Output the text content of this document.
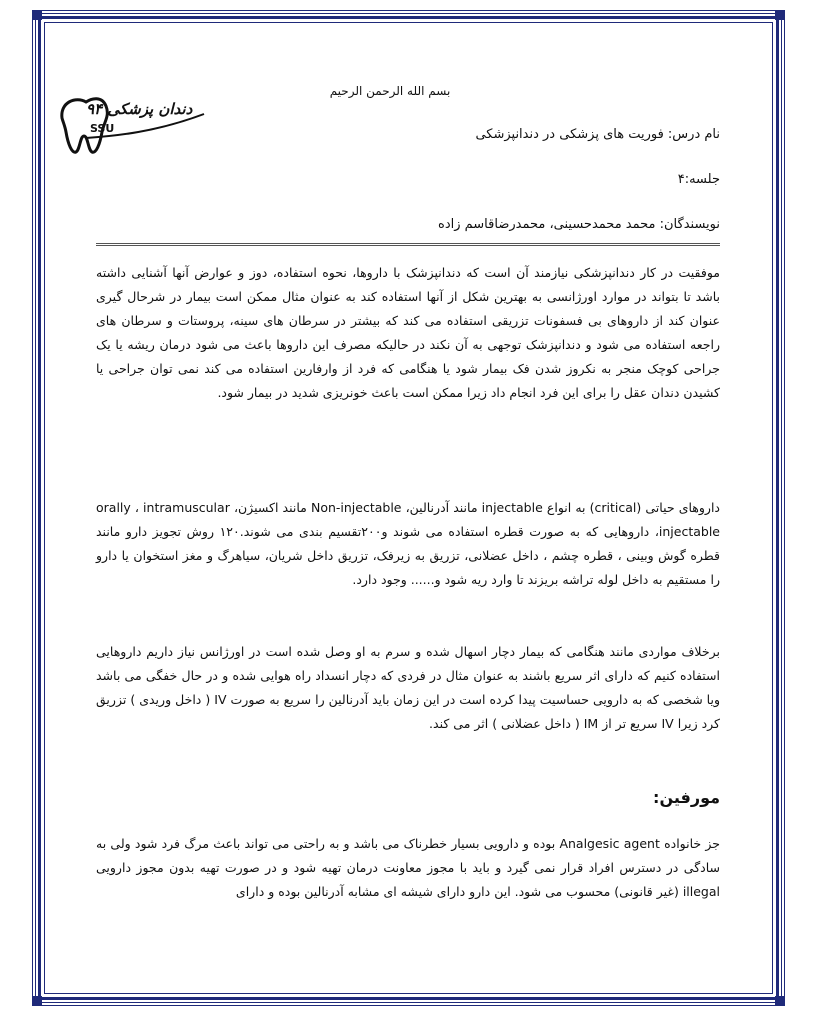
دندان پزشکی ۹۴
SSU
بسم الله الرحمن الرحیم
نام درس: فوریت های پزشکی در دندانپزشکی
جلسه:۴
نویسندگان: محمد محمدحسینی، محمدرضاقاسم زاده
موفقیت در کار دندانپزشکی نیازمند آن است که دندانپزشک با داروها، نحوه استفاده، دوز و عوارض آنها آشنایی داشته باشد تا بتواند در موارد اورژانسی به بهترین شکل از آنها استفاده کند به عنوان مثال ممکن است بیمار در شرحال گیری عنوان کند از داروهای بی فسفونات تزریقی استفاده می کند که بیشتر در سرطان های سینه، پروستات و سرطان های راجعه استفاده می شود و دندانپزشک توجهی به آن نکند در حالیکه مصرف این داروها باعث می شود درمان ریشه یا یک جراحی کوچک منجر به نکروز شدن فک بیمار شود یا هنگامی که فرد از وارفارین استفاده می کند نمی توان جراحی یا کشیدن دندان عقل را برای این فرد انجام داد زیرا ممکن است باعث خونریزی شدید در بیمار شود.
داروهای حیاتی (critical) به انواع injectable مانند آدرنالین، Non-injectable مانند اکسیژن، orally ، intramuscular injectable، داروهایی که به صورت قطره استفاده می شوند و۲۰۰تقسیم بندی می شوند.۱۲۰ روش تجویز دارو مانند قطره گوش وبینی ، قطره چشم ، داخل عضلانی، تزریق به زیرفک، تزریق داخل شریان، سیاهرگ و مغز استخوان یا دارو را مستقیم به داخل لوله تراشه بریزند تا وارد ریه شود و...... وجود دارد.
برخلاف مواردی مانند هنگامی که بیمار دچار اسهال شده و سرم به او وصل شده است در اورژانس نیاز داریم داروهایی استفاده کنیم که دارای اثر سریع باشند به عنوان مثال در فردی که دچار انسداد راه هوایی شده و در حال خفگی می باشد ویا شخصی که به دارویی حساسیت پیدا کرده است در این زمان باید آدرنالین را سریع به صورت IV ( داخل وریدی ) تزریق کرد زیرا IV سریع تر از IM ( داخل عضلانی ) اثر می کند.
مورفین:
جز خانواده Analgesic agent بوده و دارویی بسیار خطرناک می باشد و به راحتی می تواند باعث مرگ فرد شود ولی به سادگی در دسترس افراد قرار نمی گیرد و باید با مجوز معاونت درمان تهیه شود و در صورت تهیه بدون مجوز دارویی illegal (غیر قانونی) محسوب می شود. این دارو دارای شیشه ای مشابه آدرنالین بوده و دارای
